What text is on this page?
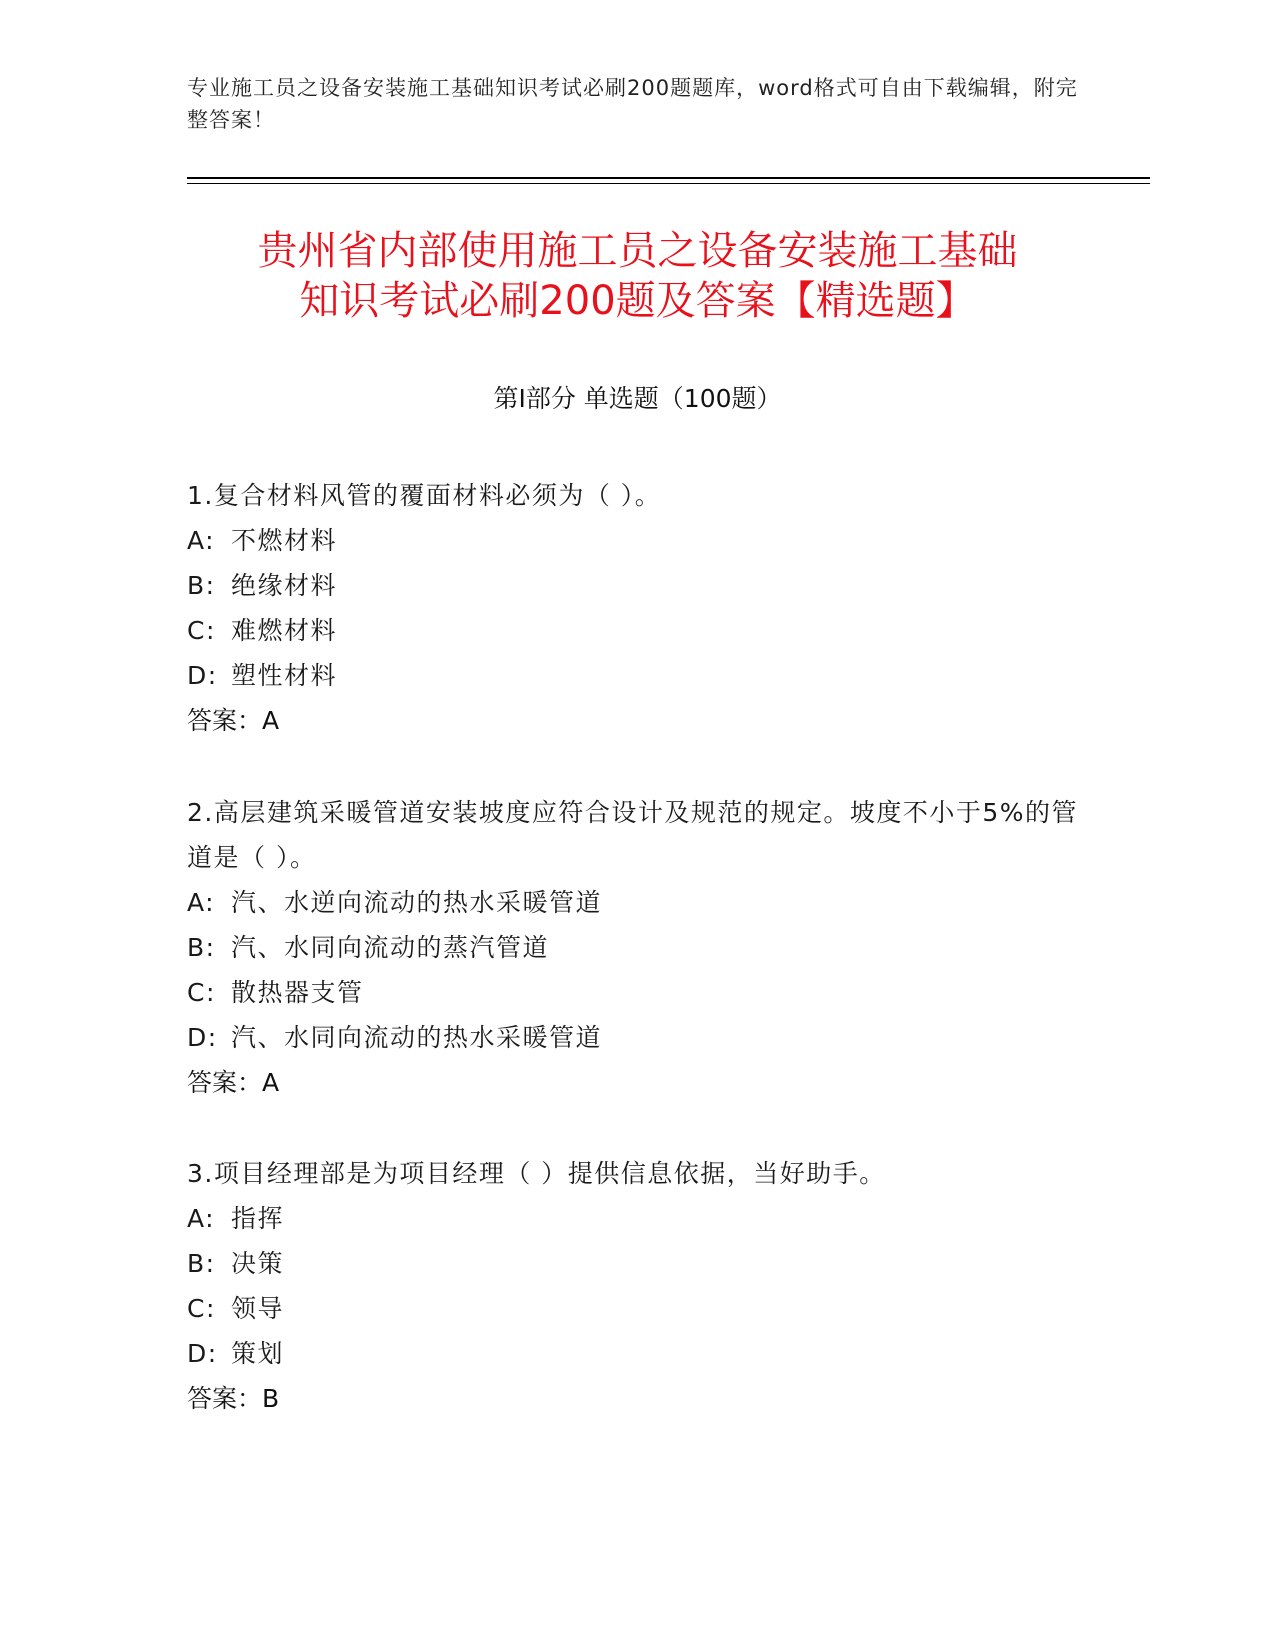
专业施工员之设备安装施工基础知识考试必刷200题题库，word格式可自由下载编辑，附完整答案！
贵州省内部使用施工员之设备安装施工基础
知识考试必刷200题及答案【精选题】
第Ⅰ部分 单选题（100题）
1.复合材料风管的覆面材料必须为（ ）。
A: 不燃材料
B: 绝缘材料
C: 难燃材料
D: 塑性材料
答案：A
2.高层建筑采暖管道安装坡度应符合设计及规范的规定。坡度不小于5%的管道是（ ）。
A: 汽、水逆向流动的热水采暖管道
B: 汽、水同向流动的蒸汽管道
C: 散热器支管
D: 汽、水同向流动的热水采暖管道
答案：A
3.项目经理部是为项目经理（ ）提供信息依据，当好助手。
A: 指挥
B: 决策
C: 领导
D: 策划
答案：B
